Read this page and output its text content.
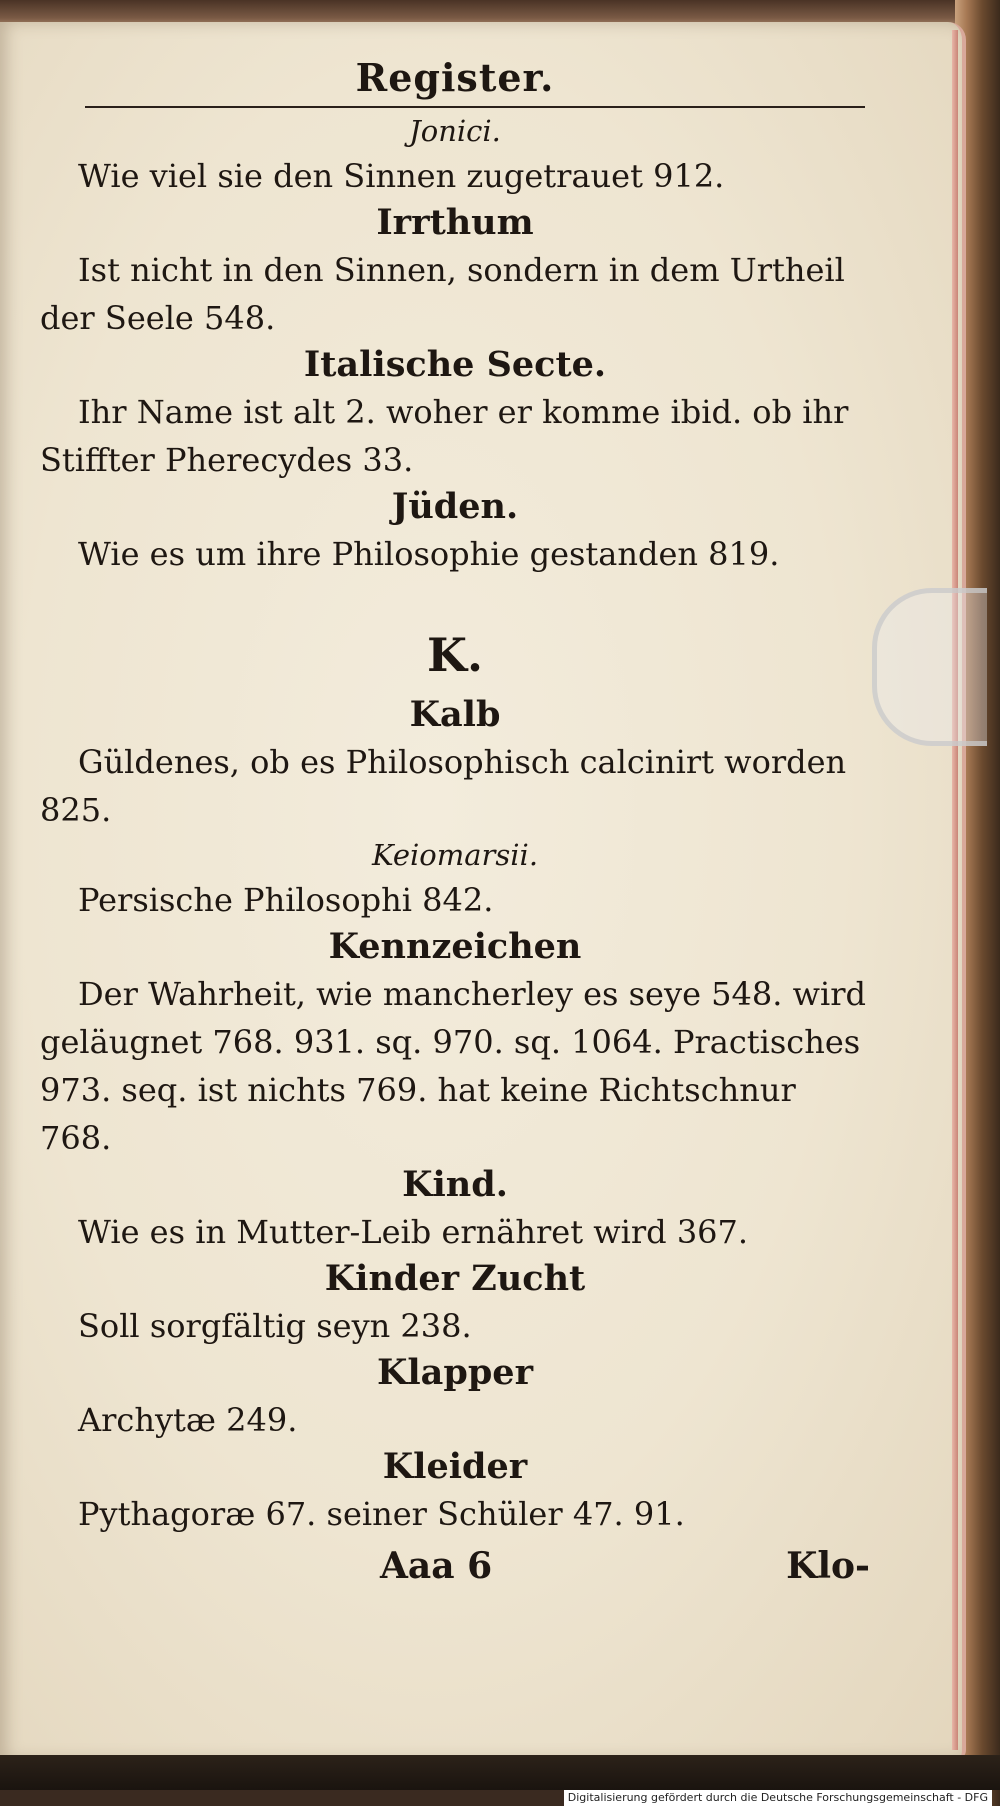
Register.
Jonici.

Wie viel sie den Sinnen zugetrauet 912.

Irrthum

Ist nicht in den Sinnen, sondern in dem Urtheil der Seele 548.

Italische Secte.

Ihr Name ist alt 2. woher er komme ibid. ob ihr Stiffter Pherecydes 33.

Jüden.

Wie es um ihre Philosophie gestanden 819.

K.
Kalb

Güldenes, ob es Philosophisch calcinirt worden 825.

Keiomarsii.

Persische Philosophi 842.

Kennzeichen

Der Wahrheit, wie mancherley es seye 548. wird geläugnet 768. 931. sq. 970. sq. 1064. Practisches 973. seq. ist nichts 769. hat keine Richtschnur 768.

Kind.

Wie es in Mutter-Leib ernähret wird 367.

Kinder Zucht

Soll sorgfältig seyn 238.

Klapper

Archytæ 249.

Kleider

Pythagoræ 67. seiner Schüler 47. 91.

Aaa 6	Klo-
Digitalisierung gefördert durch die Deutsche Forschungsgemeinschaft - DFG
